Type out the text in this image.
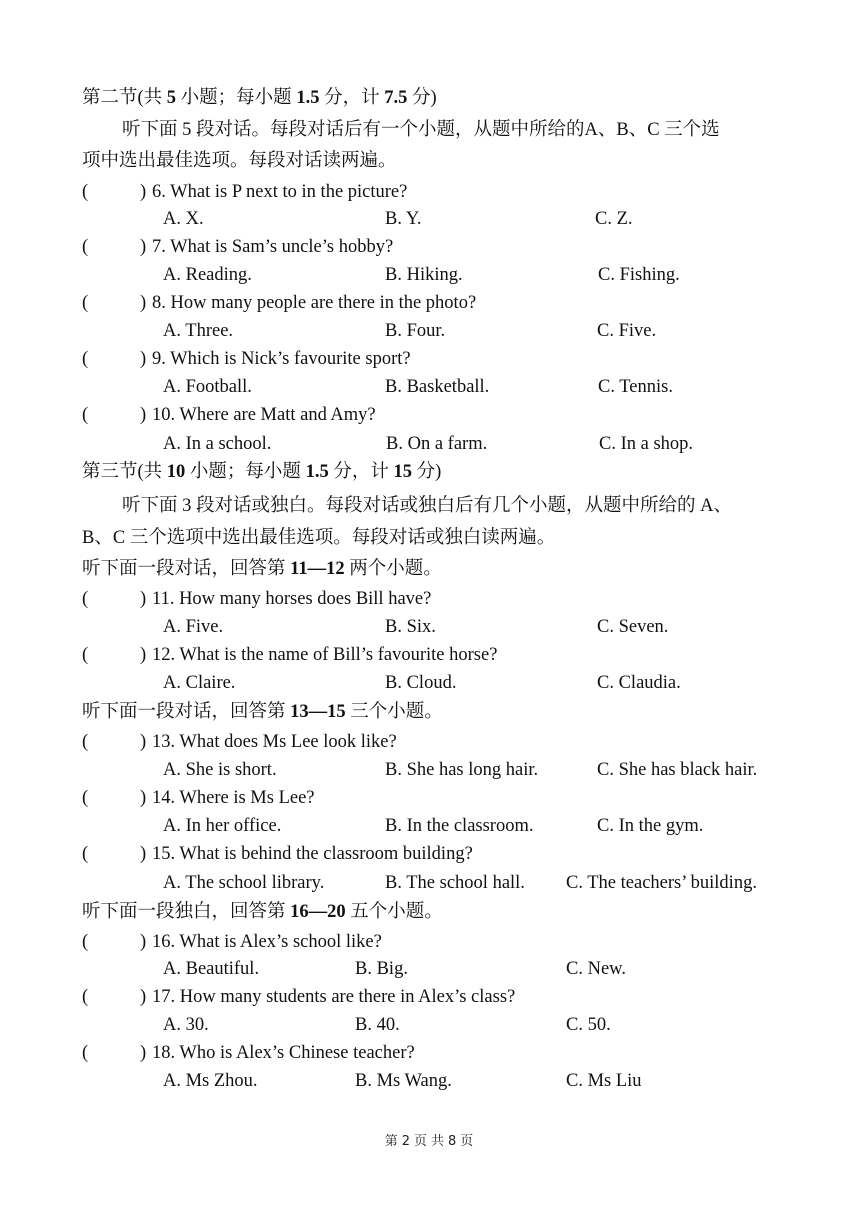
第二节(共 5 小题；每小题 1.5 分，计 7.5 分)
听下面 5 段对话。每段对话后有一个小题，从题中所给的A、B、C 三个选
项中选出最佳选项。每段对话读两遍。
(	) 6. What is P next to in the picture?
A. X.	B. Y.	C. Z.
(	) 7. What is Sam’s uncle’s hobby?
A. Reading.	B. Hiking.	C. Fishing.
(	) 8. How many people are there in the photo?
A. Three.	B. Four.	C. Five.
(	) 9. Which is Nick’s favourite sport?
A. Football.	B. Basketball.	C. Tennis.
(	) 10. Where are Matt and Amy?
A. In a school.	B. On a farm.	C. In a shop.
第三节(共 10 小题；每小题 1.5 分，计 15 分)
听下面 3 段对话或独白。每段对话或独白后有几个小题，从题中所给的 A、
B、C 三个选项中选出最佳选项。每段对话或独白读两遍。
听下面一段对话，回答第 11—12 两个小题。
(	) 11. How many horses does Bill have?
A. Five.	B. Six.	C. Seven.
(	) 12. What is the name of Bill’s favourite horse?
A. Claire.	B. Cloud.	C. Claudia.
听下面一段对话，回答第 13—15 三个小题。
(	) 13. What does Ms Lee look like?
A. She is short.	B. She has long hair.	C. She has black hair.
(	) 14. Where is Ms Lee?
A. In her office.	B. In the classroom.	C. In the gym.
(	) 15. What is behind the classroom building?
A. The school library.	B. The school hall. C. The teachers’ building.
听下面一段独白，回答第 16—20 五个小题。
(	) 16. What is Alex’s school like?
A. Beautiful.	B. Big.	C. New.
(	) 17. How many students are there in Alex’s class?
A. 30.	B. 40.	C. 50.
(	) 18. Who is Alex’s Chinese teacher?
A. Ms Zhou.	B. Ms Wang.	C. Ms Liu
第 2 页 共 8 页
